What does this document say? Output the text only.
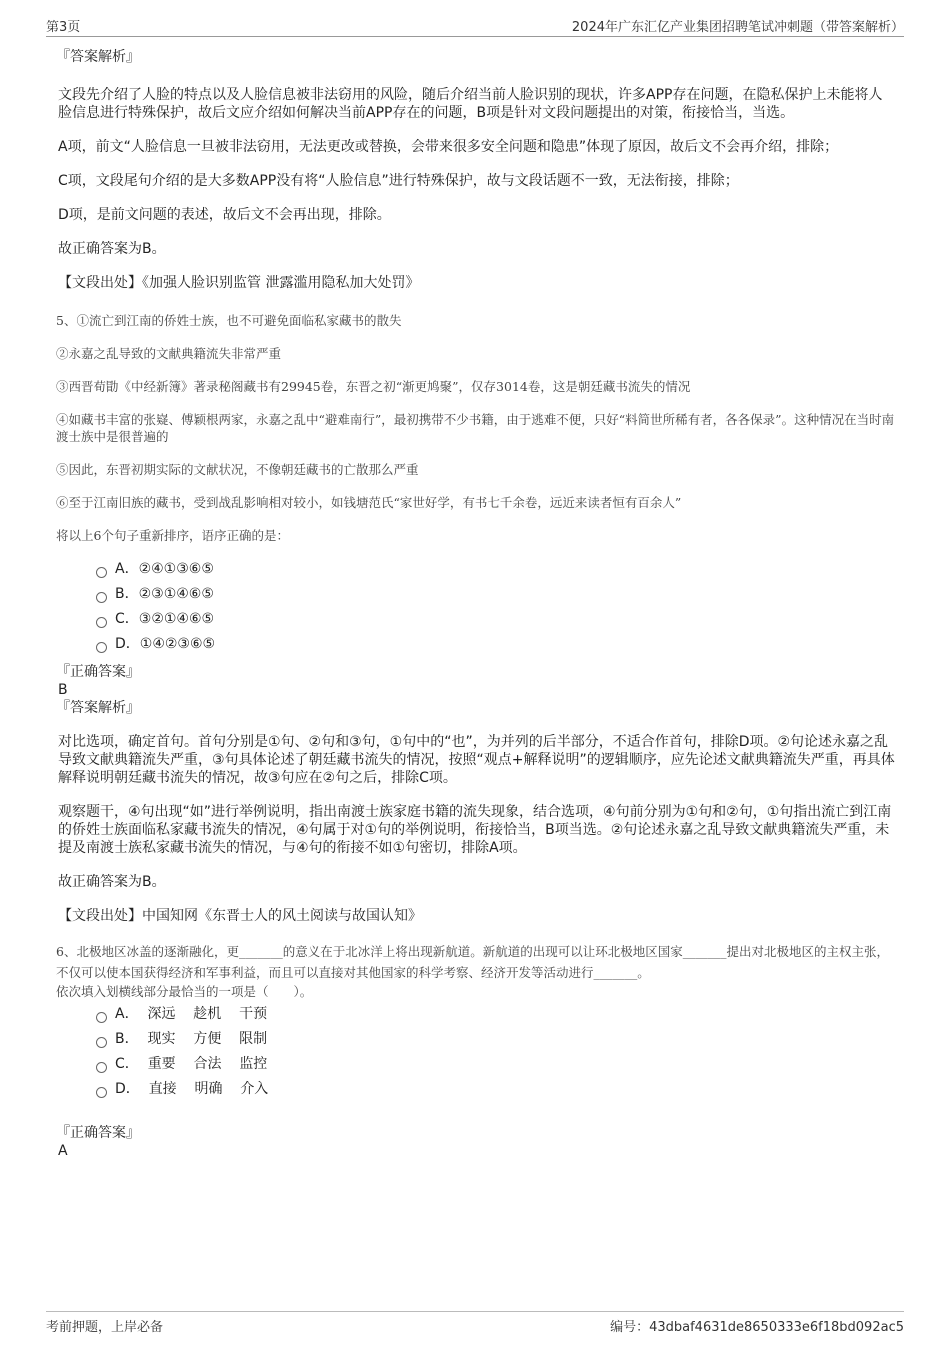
第3页	2024年广东汇亿产业集团招聘笔试冲刺题（带答案解析）

『答案解析』

文段先介绍了人脸的特点以及人脸信息被非法窃用的风险，随后介绍当前人脸识别的现状，许多APP存在问题，在隐私保护上未能将人脸信息进行特殊保护，故后文应介绍如何解决当前APP存在的问题，B项是针对文段问题提出的对策，衔接恰当，当选。

A项，前文“人脸信息一旦被非法窃用，无法更改或替换，会带来很多安全问题和隐患”体现了原因，故后文不会再介绍，排除；

C项，文段尾句介绍的是大多数APP没有将“人脸信息”进行特殊保护，故与文段话题不一致，无法衔接，排除；

D项，是前文问题的表述，故后文不会再出现，排除。

故正确答案为B。

【文段出处】《加强人脸识别监管 泄露滥用隐私加大处罚》

5、①流亡到江南的侨姓士族，也不可避免面临私家藏书的散失

②永嘉之乱导致的文献典籍流失非常严重

③西晋荀勖《中经新簿》著录秘阁藏书有29945卷，东晋之初“渐更鸠聚”，仅存3014卷，这是朝廷藏书流失的情况

④如藏书丰富的张嶷、傅颖根两家，永嘉之乱中“避难南行”，最初携带不少书籍，由于逃难不便，只好“料简世所稀有者，各各保录”。这种情况在当时南渡士族中是很普遍的

⑤因此，东晋初期实际的文献状况，不像朝廷藏书的亡散那么严重

⑥至于江南旧族的藏书，受到战乱影响相对较小，如钱塘范氏“家世好学，有书七千余卷，远近来读者恒有百余人”

将以上6个句子重新排序，语序正确的是：

A．②④①③⑥⑤
B．②③①④⑥⑤
C．③②①④⑥⑤
D．①④②③⑥⑤

『正确答案』

B

『答案解析』

对比选项，确定首句。首句分别是①句、②句和③句，①句中的“也”，为并列的后半部分，不适合作首句，排除D项。②句论述永嘉之乱导致文献典籍流失严重，③句具体论述了朝廷藏书流失的情况，按照“观点+解释说明”的逻辑顺序，应先论述文献典籍流失严重，再具体解释说明朝廷藏书流失的情况，故③句应在②句之后，排除C项。

观察题干，④句出现“如”进行举例说明，指出南渡士族家庭书籍的流失现象，结合选项，④句前分别为①句和②句，①句指出流亡到江南的侨姓士族面临私家藏书流失的情况，④句属于对①句的举例说明，衔接恰当，B项当选。②句论述永嘉之乱导致文献典籍流失严重，未提及南渡士族私家藏书流失的情况，与④句的衔接不如①句密切，排除A项。

故正确答案为B。

【文段出处】中国知网《东晋士人的风土阅读与故国认知》

6、北极地区冰盖的逐渐融化，更_______的意义在于北冰洋上将出现新航道。新航道的出现可以让环北极地区国家_______提出对北极地区的主权主张，不仅可以使本国获得经济和军事利益，而且可以直接对其他国家的科学考察、经济开发等活动进行_______。

依次填入划横线部分最恰当的一项是（　　）。

A．
深远
趁机
干预
B．
现实
方便
限制
C．
重要
合法
监控
D．
直接
明确
介入

『正确答案』

A

考前押题，上岸必备	编号：43dbaf4631de8650333e6f18bd092ac5
